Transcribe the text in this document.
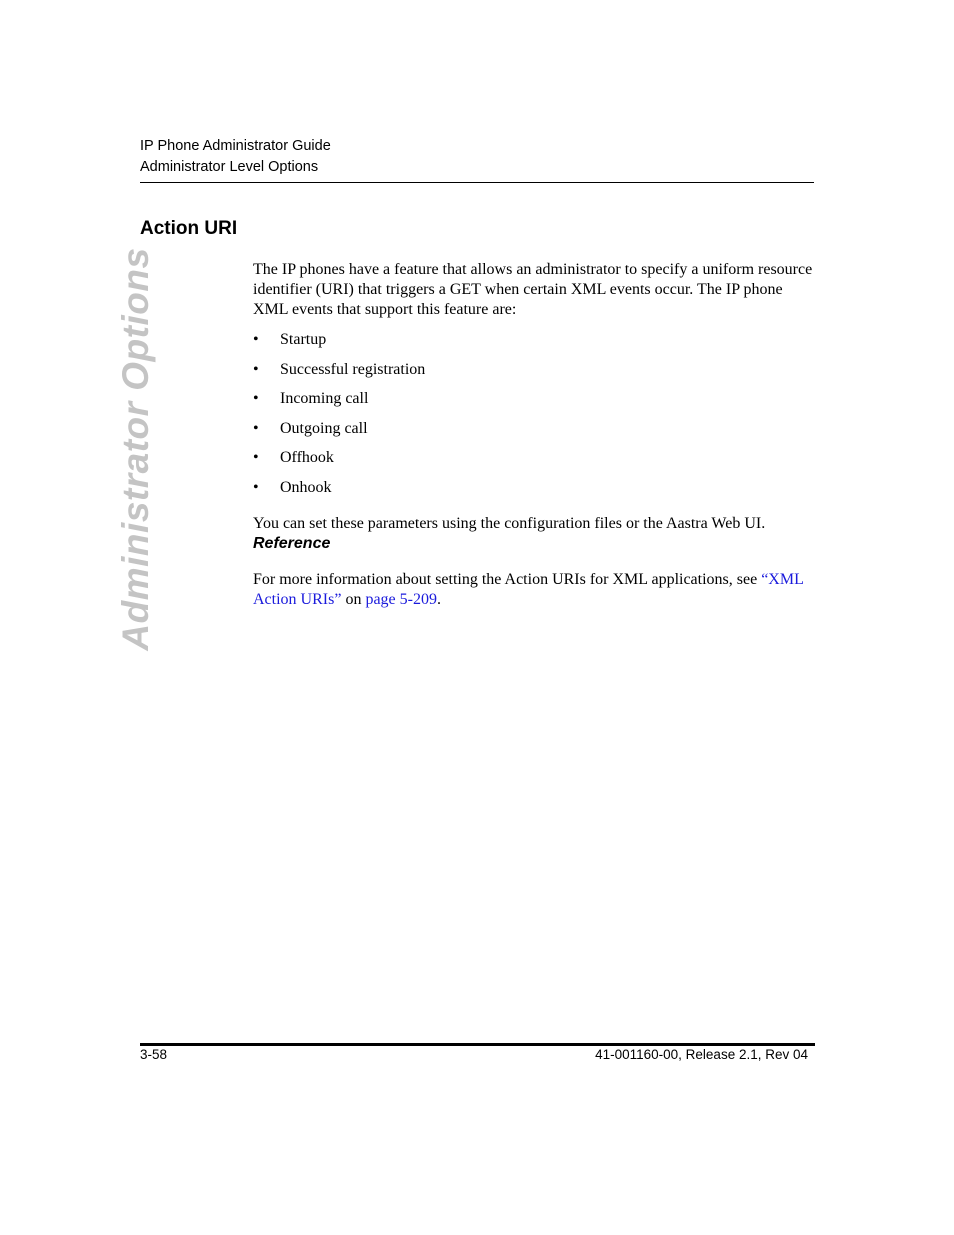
IP Phone Administrator Guide
Administrator Level Options
Administrator Options
Action URI

The IP phones have a feature that allows an administrator to specify a uniform resource identifier (URI) that triggers a GET when certain XML events occur. The IP phone XML events that support this feature are:

• Startup
• Successful registration
• Incoming call
• Outgoing call
• Offhook
• Onhook

You can set these parameters using the configuration files or the Aastra Web UI.

Reference

For more information about setting the Action URIs for XML applications, see “XML Action URIs” on page 5-209.

3-58	41-001160-00, Release 2.1, Rev 04
